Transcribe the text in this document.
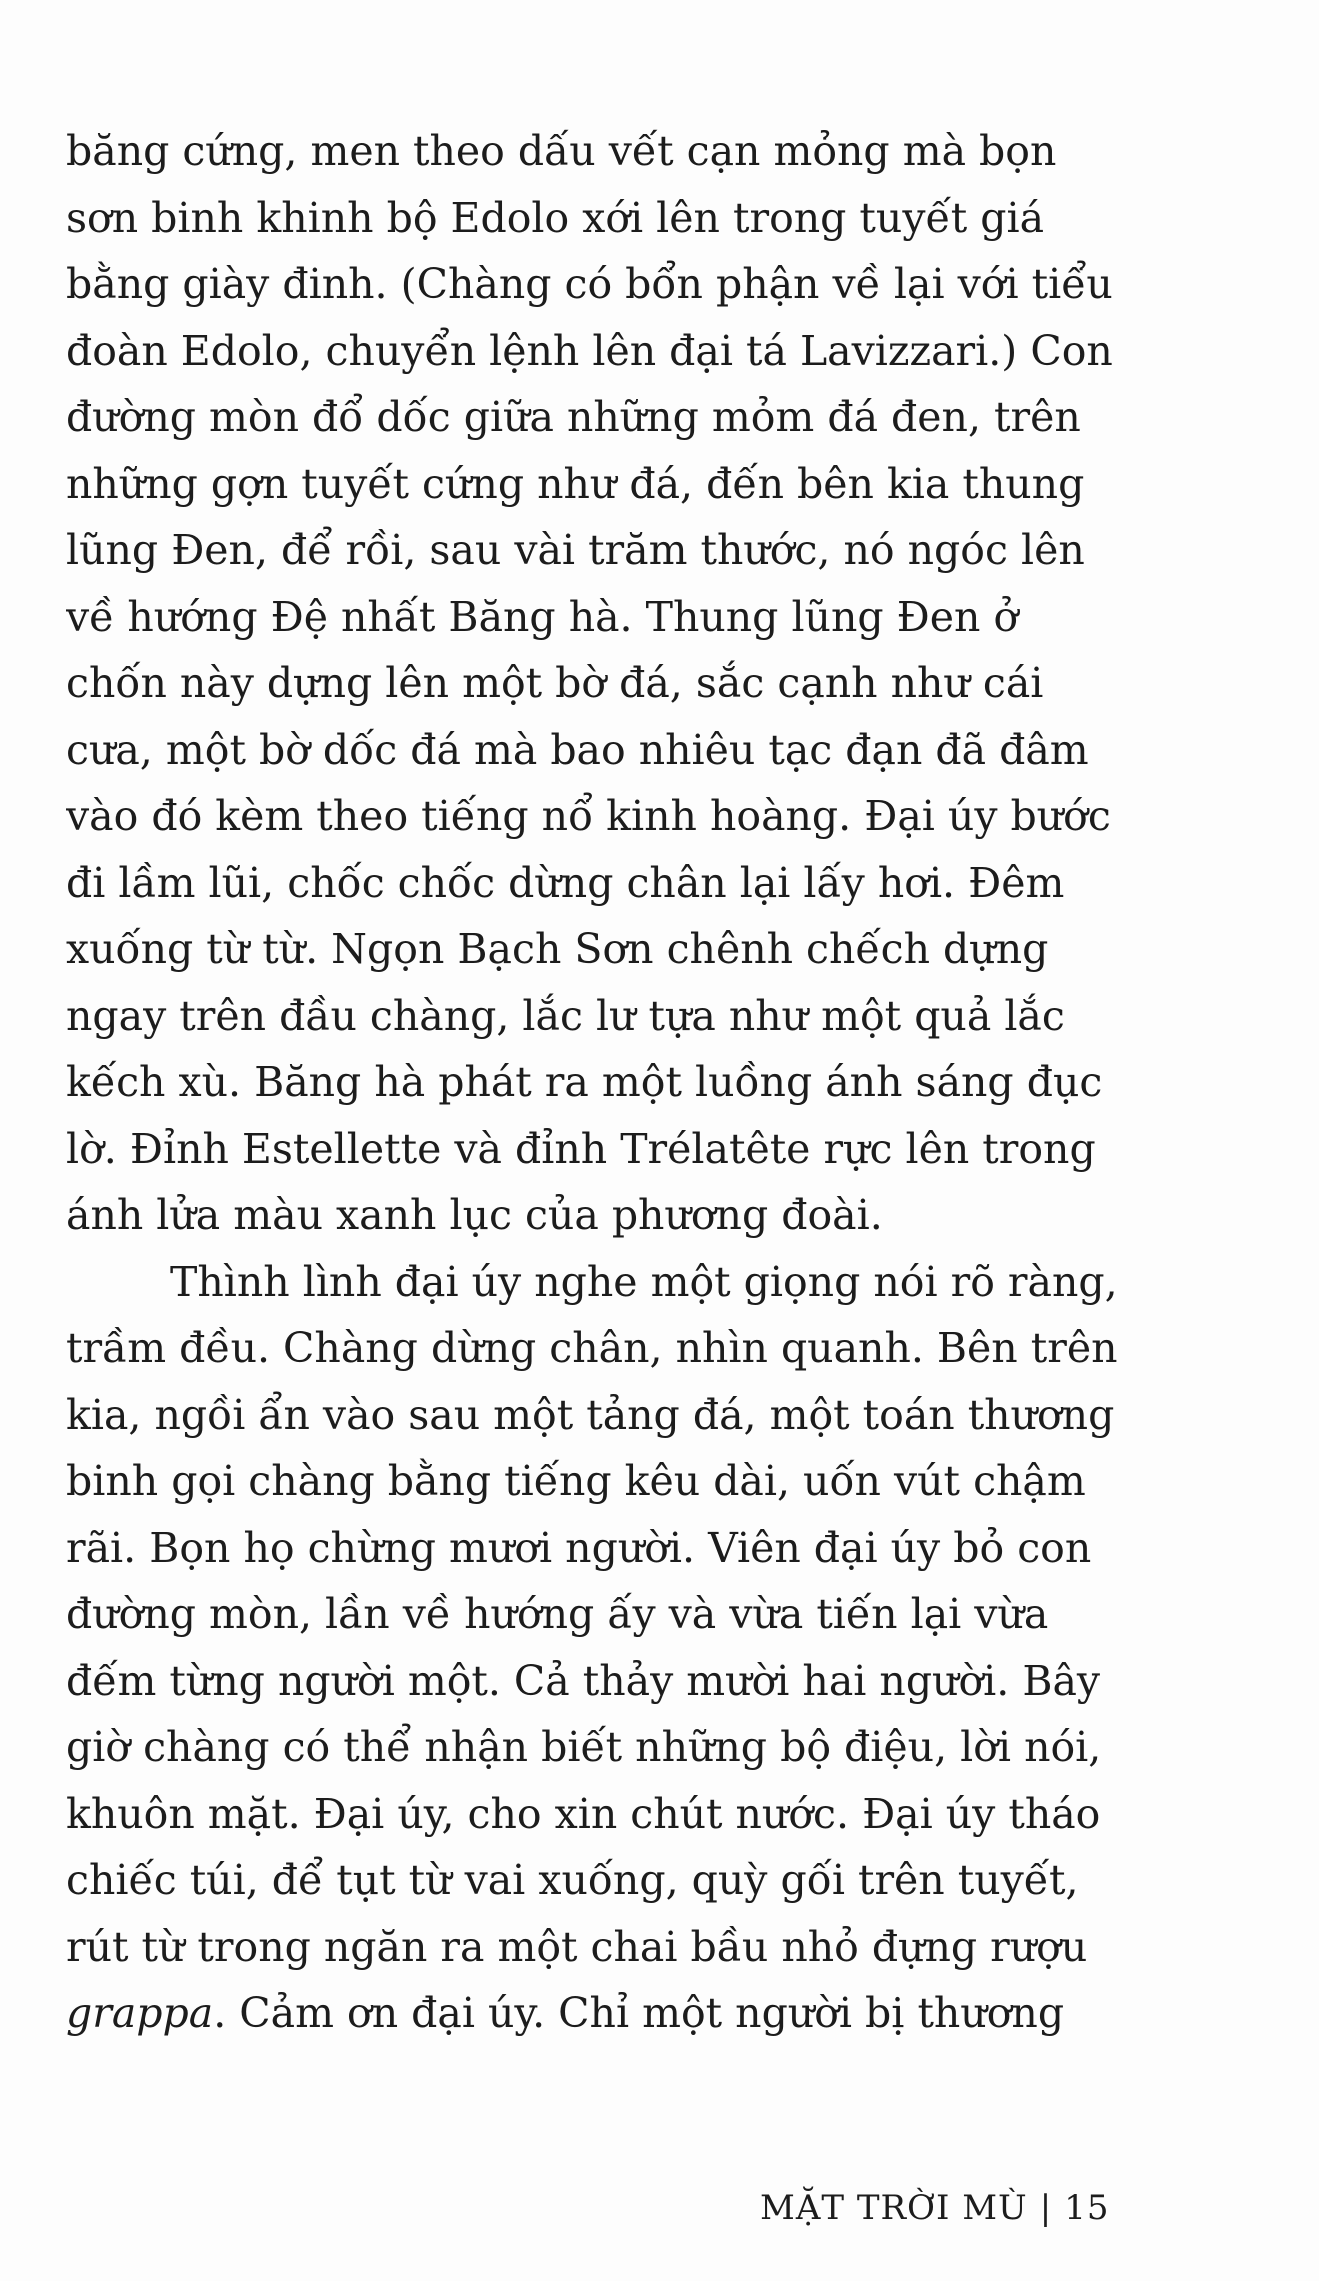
băng cứng, men theo dấu vết cạn mỏng mà bọn
sơn binh khinh bộ Edolo xới lên trong tuyết giá
bằng giày đinh. (Chàng có bổn phận về lại với tiểu
đoàn Edolo, chuyển lệnh lên đại tá Lavizzari.) Con
đường mòn đổ dốc giữa những mỏm đá đen, trên
những gợn tuyết cứng như đá, đến bên kia thung
lũng Đen, để rồi, sau vài trăm thước, nó ngóc lên
về hướng Đệ nhất Băng hà. Thung lũng Đen ở
chốn này dựng lên một bờ đá, sắc cạnh như cái
cưa, một bờ dốc đá mà bao nhiêu tạc đạn đã đâm
vào đó kèm theo tiếng nổ kinh hoàng. Đại úy bước
đi lầm lũi, chốc chốc dừng chân lại lấy hơi. Đêm
xuống từ từ. Ngọn Bạch Sơn chênh chếch dựng
ngay trên đầu chàng, lắc lư tựa như một quả lắc
kếch xù. Băng hà phát ra một luồng ánh sáng đục
lờ. Đỉnh Estellette và đỉnh Trélatête rực lên trong
ánh lửa màu xanh lục của phương đoài.
Thình lình đại úy nghe một giọng nói rõ ràng,
trầm đều. Chàng dừng chân, nhìn quanh. Bên trên
kia, ngồi ẩn vào sau một tảng đá, một toán thương
binh gọi chàng bằng tiếng kêu dài, uốn vút chậm
rãi. Bọn họ chừng mươi người. Viên đại úy bỏ con
đường mòn, lần về hướng ấy và vừa tiến lại vừa
đếm từng người một. Cả thảy mười hai người. Bây
giờ chàng có thể nhận biết những bộ điệu, lời nói,
khuôn mặt. Đại úy, cho xin chút nước. Đại úy tháo
chiếc túi, để tụt từ vai xuống, quỳ gối trên tuyết,
rút từ trong ngăn ra một chai bầu nhỏ đựng rượu
grappa. Cảm ơn đại úy. Chỉ một người bị thương
MẶT TRỜI MÙ | 15
